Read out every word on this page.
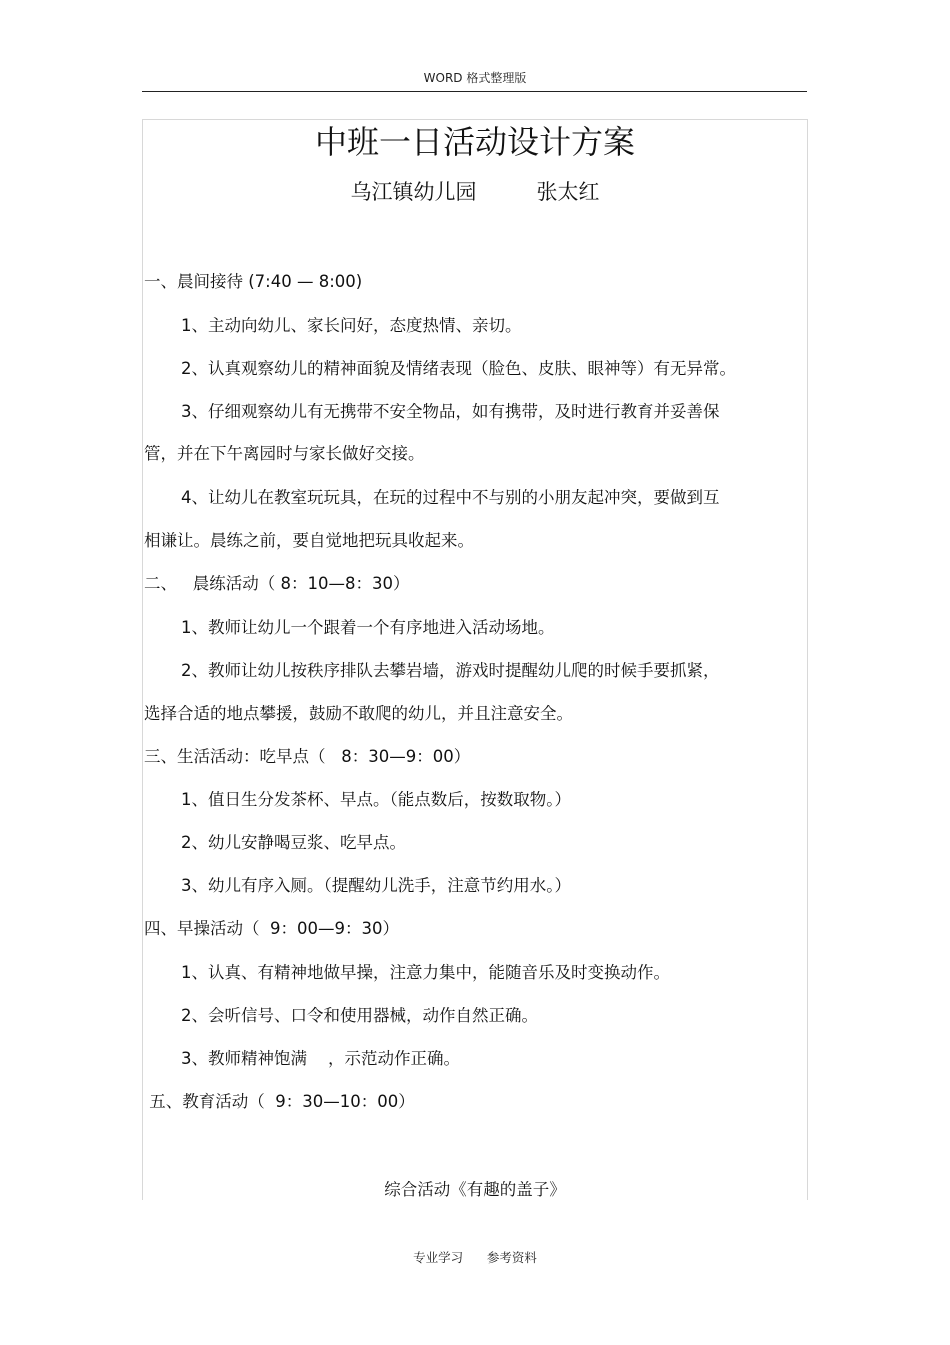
WORD 格式整理版
中班一日活动设计方案
乌江镇幼儿园         张太红
一、晨间接待 (7:40 — 8:00)
1、主动向幼儿、家长问好，态度热情、亲切。
2、认真观察幼儿的精神面貌及情绪表现（脸色、皮肤、眼神等）有无异常。
3、仔细观察幼儿有无携带不安全物品，如有携带，及时进行教育并妥善保
管，并在下午离园时与家长做好交接。
4、让幼儿在教室玩玩具，在玩的过程中不与别的小朋友起冲突，要做到互
相谦让。晨练之前，要自觉地把玩具收起来。
二、   晨练活动（ 8：10—8：30）
1、教师让幼儿一个跟着一个有序地进入活动场地。
2、教师让幼儿按秩序排队去攀岩墙，游戏时提醒幼儿爬的时候手要抓紧，
选择合适的地点攀援，鼓励不敢爬的幼儿，并且注意安全。
三、生活活动：吃早点（   8：30—9：00）
1、值日生分发茶杯、早点。（能点数后，按数取物。）
2、幼儿安静喝豆浆、吃早点。
3、幼儿有序入厕。（提醒幼儿洗手，注意节约用水。）
四、早操活动（  9：00—9：30）
1、认真、有精神地做早操，注意力集中，能随音乐及时变换动作。
2、会听信号、口令和使用器械，动作自然正确。
3、教师精神饱满    ，示范动作正确。
五、教育活动（  9：30—10：00）
综合活动《有趣的盖子》
专业学习      参考资料
